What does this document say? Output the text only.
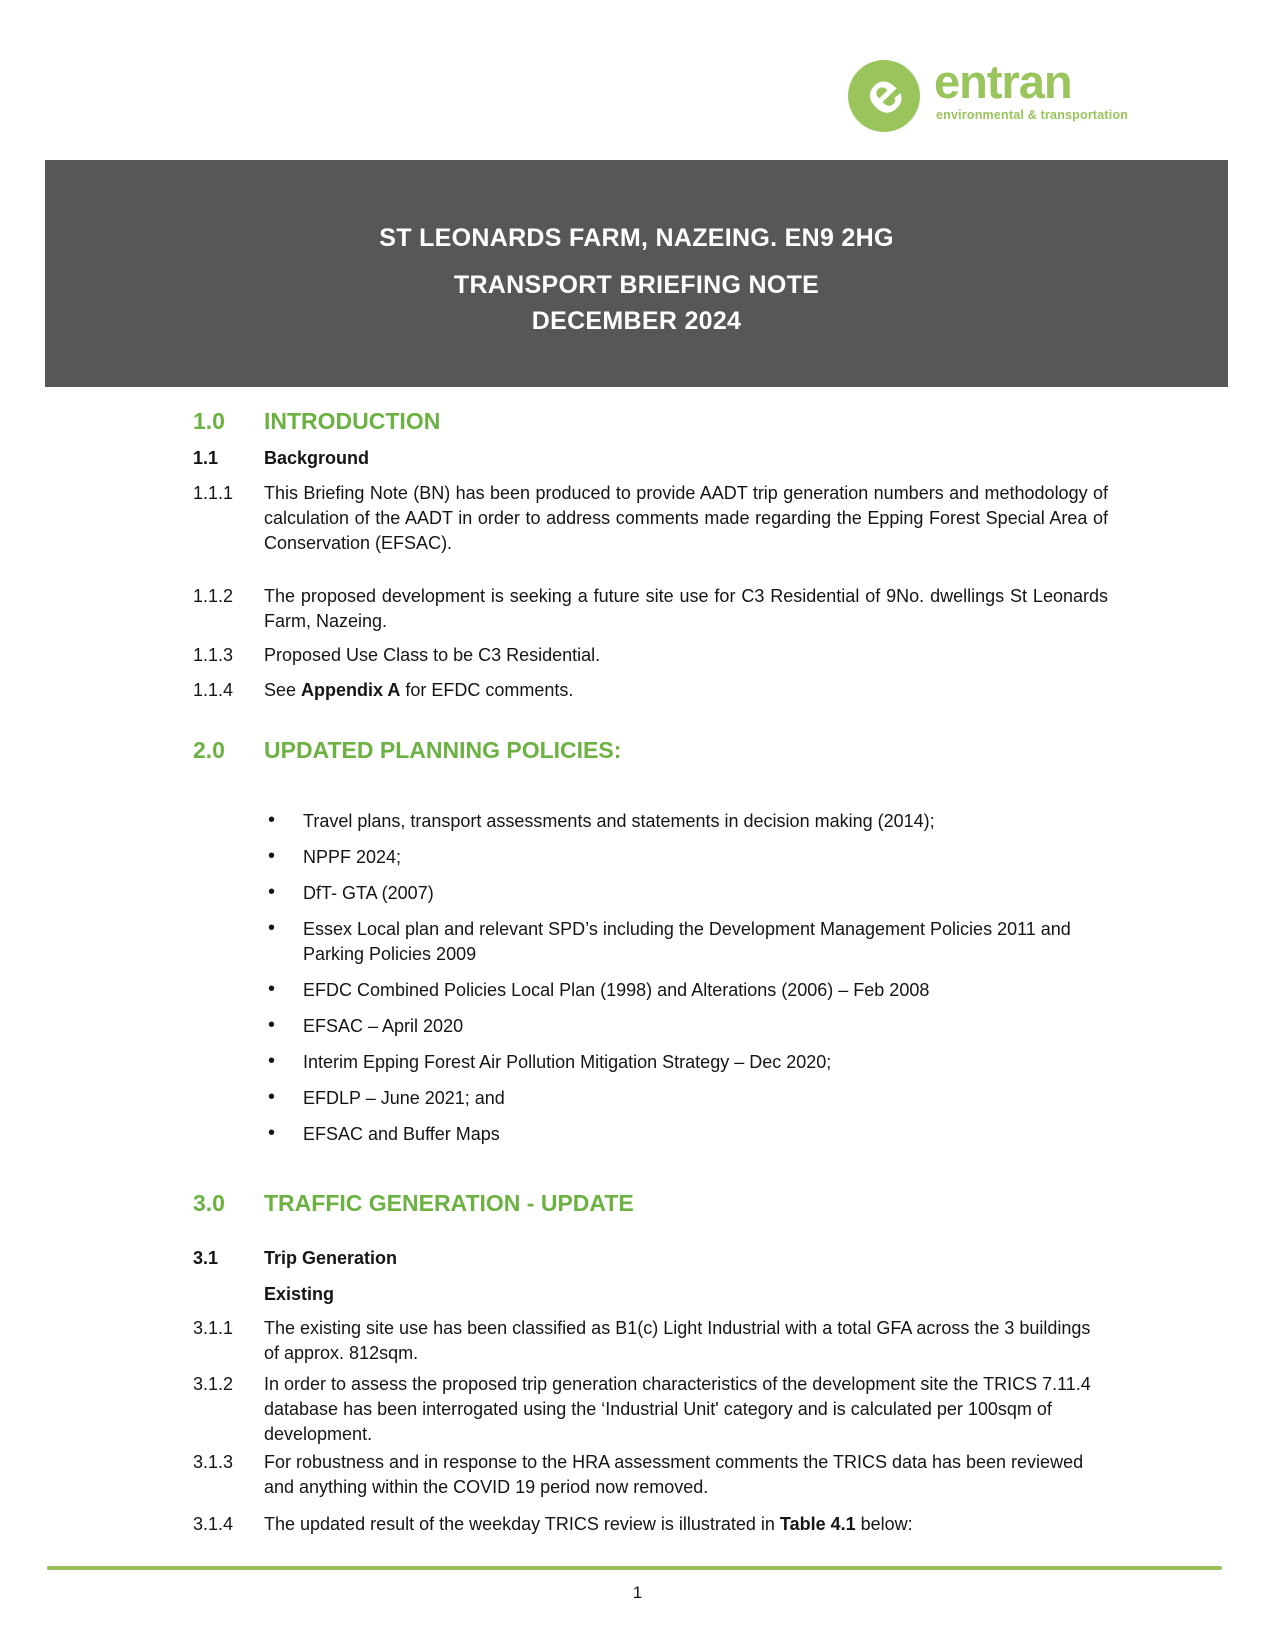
e entran
environmental & transportation
ST LEONARDS FARM, NAZEING. EN9 2HG
TRANSPORT BRIEFING NOTE
DECEMBER 2024
1.0	INTRODUCTION
1.1	Background
1.1.1	This Briefing Note (BN) has been produced to provide AADT trip generation numbers and methodology of calculation of the AADT in order to address comments made regarding the Epping Forest Special Area of Conservation (EFSAC).
1.1.2	The proposed development is seeking a future site use for C3 Residential of 9No. dwellings St Leonards Farm, Nazeing.
1.1.3	Proposed Use Class to be C3 Residential.
1.1.4	See Appendix A for EFDC comments.
2.0	UPDATED PLANNING POLICIES:
• Travel plans, transport assessments and statements in decision making (2014);
• NPPF 2024;
• DfT- GTA (2007)
• Essex Local plan and relevant SPD’s including the Development Management Policies 2011 and Parking Policies 2009
• EFDC Combined Policies Local Plan (1998) and Alterations (2006) – Feb 2008
• EFSAC – April 2020
• Interim Epping Forest Air Pollution Mitigation Strategy – Dec 2020;
• EFDLP – June 2021; and
• EFSAC and Buffer Maps
3.0	TRAFFIC GENERATION - UPDATE
3.1	Trip Generation
Existing
3.1.1	The existing site use has been classified as B1(c) Light Industrial with a total GFA across the 3 buildings of approx. 812sqm.
3.1.2	In order to assess the proposed trip generation characteristics of the development site the TRICS 7.11.4 database has been interrogated using the ‘Industrial Unit' category and is calculated per 100sqm of development.
3.1.3	For robustness and in response to the HRA assessment comments the TRICS data has been reviewed and anything within the COVID 19 period now removed.
3.1.4	The updated result of the weekday TRICS review is illustrated in Table 4.1 below:
1
